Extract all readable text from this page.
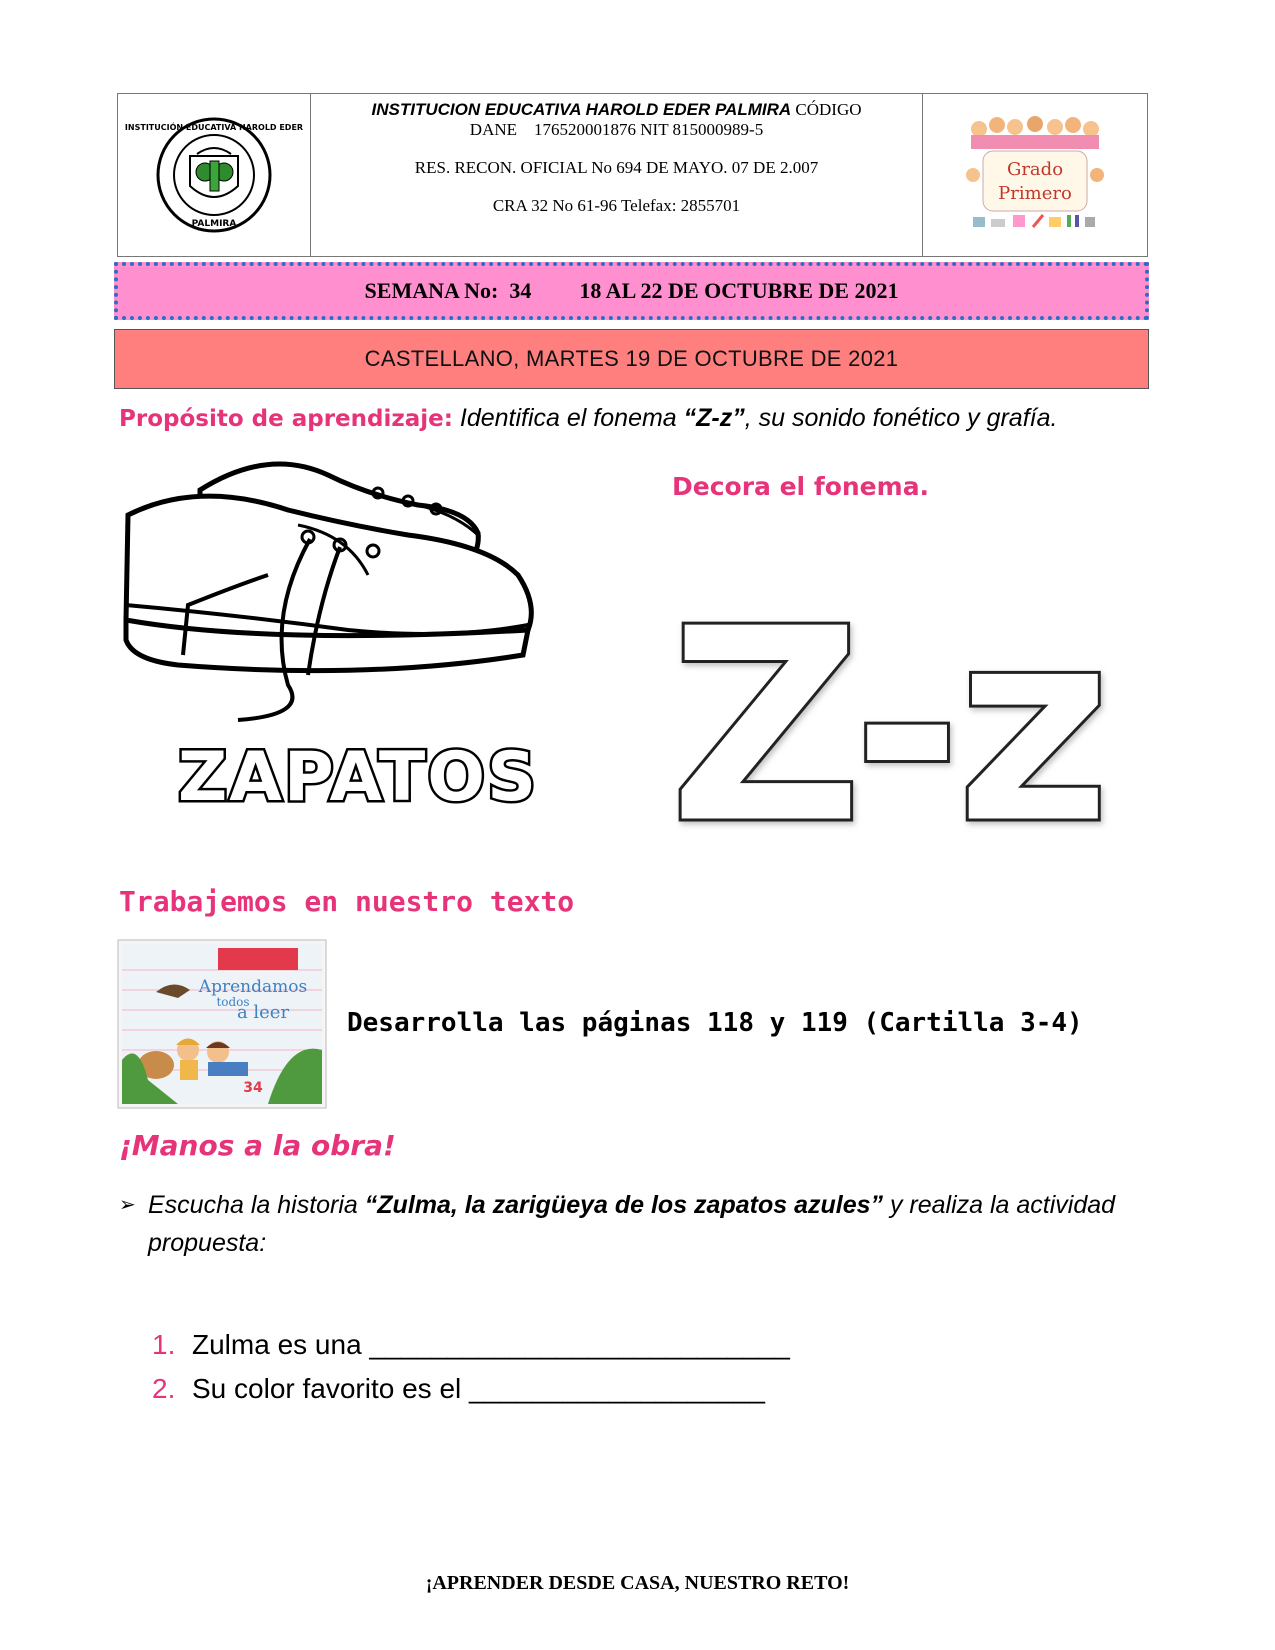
INSTITUCIÓN EDUCATIVA HAROLD EDER
PALMIRA

INSTITUCION EDUCATIVA HAROLD EDER PALMIRA CÓDIGO

DANE    176520001876 NIT 815000989-5

RES. RECON. OFICIAL No 694 DE MAYO. 07 DE 2.007

CRA 32 No 61-96 Telefax: 2855701

Grado
Primero
SEMANA No:  34 18 AL 22 DE OCTUBRE DE 2021
CASTELLANO, MARTES 19 DE OCTUBRE DE 2021
Propósito de aprendizaje: Identifica el fonema “Z-z”, su sonido fonético y grafía.
ZAPATOS
Decora el fonema.
Z-z
Trabajemos en nuestro texto
Aprendamos
todos
a leer
34
Desarrolla las páginas 118 y 119 (Cartilla 3-4)
¡Manos a la obra!
➢ Escucha la historia “Zulma, la zarigüeya de los zapatos azules” y realiza la actividad propuesta:
1. Zulma es una ___________________________
2. Su color favorito es el ___________________
¡APRENDER DESDE CASA, NUESTRO RETO!
